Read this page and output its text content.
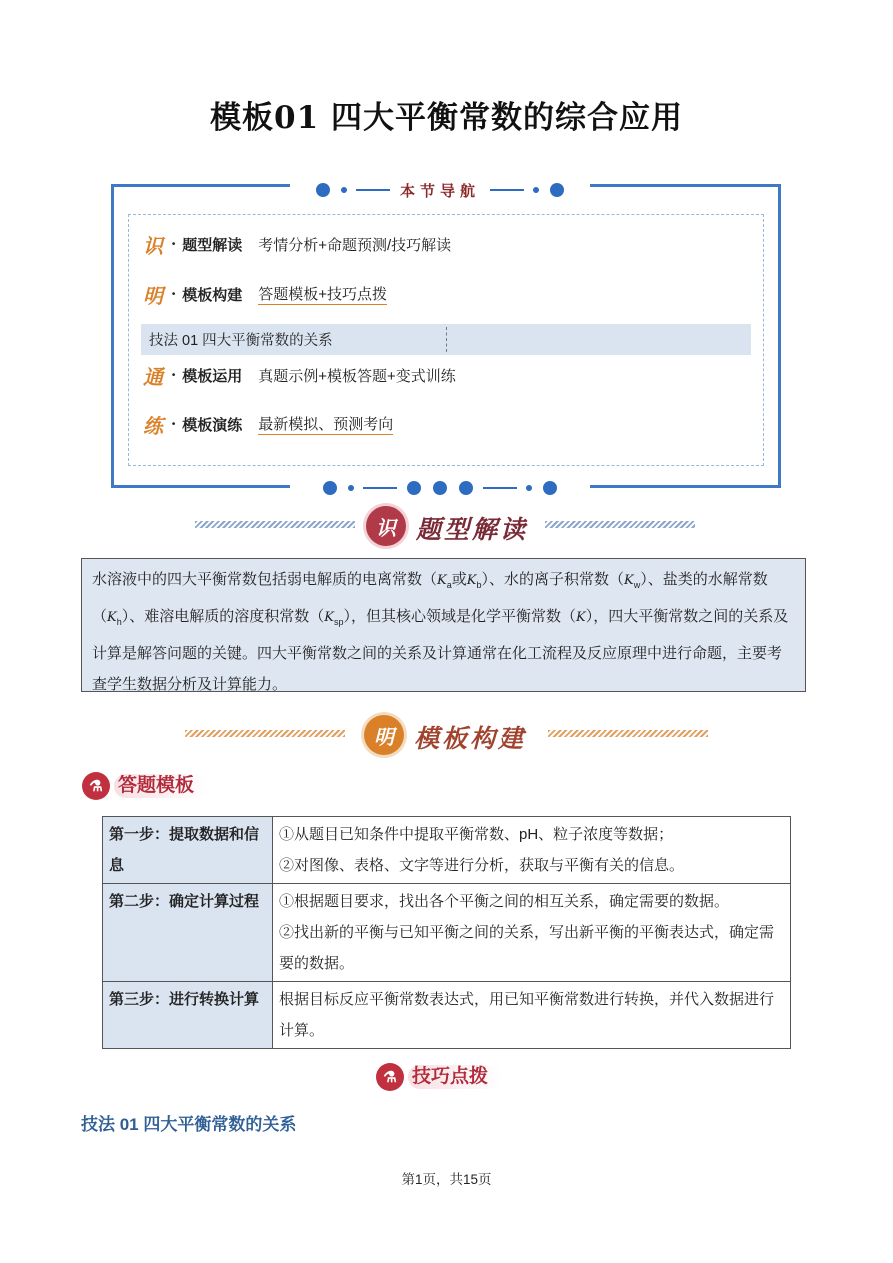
模板01 四大平衡常数的综合应用
本节导航
识 · 题型解读 考情分析+命题预测/技巧解读
明 · 模板构建 答题模板+技巧点拨
技法 01 四大平衡常数的关系
通 · 模板运用 真题示例+模板答题+变式训练
练 · 模板演练 最新模拟、预测考向
识 题型解读
水溶液中的四大平衡常数包括弱电解质的电离常数（$K_a$或$K_b$）、水的离子积常数$(K_w)$、盐类的水解常数$(K_h)$、难溶电解质的溶度积常数$(K_{sp})$，但其核心领域是化学平衡常数（K），四大平衡常数之间的关系及计算是解答问题的关键。四大平衡常数之间的关系及计算通常在化工流程及反应原理中进行命题，主要考查学生数据分析及计算能力。
明 模板构建
⚗ 答题模板
第一步：提取数据和信息	①从题目已知条件中提取平衡常数、pH、粒子浓度等数据；
②对图像、表格、文字等进行分析，获取与平衡有关的信息。

第二步：确定计算过程	①根据题目要求，找出各个平衡之间的相互关系，确定需要的数据。
②找出新的平衡与已知平衡之间的关系，写出新平衡的平衡表达式，确定需要的数据。

第三步：进行转换计算	根据目标反应平衡常数表达式，用已知平衡常数进行转换，并代入数据进行计算。
⚗ 技巧点拨
技法 01 四大平衡常数的关系
第1页，共15页
